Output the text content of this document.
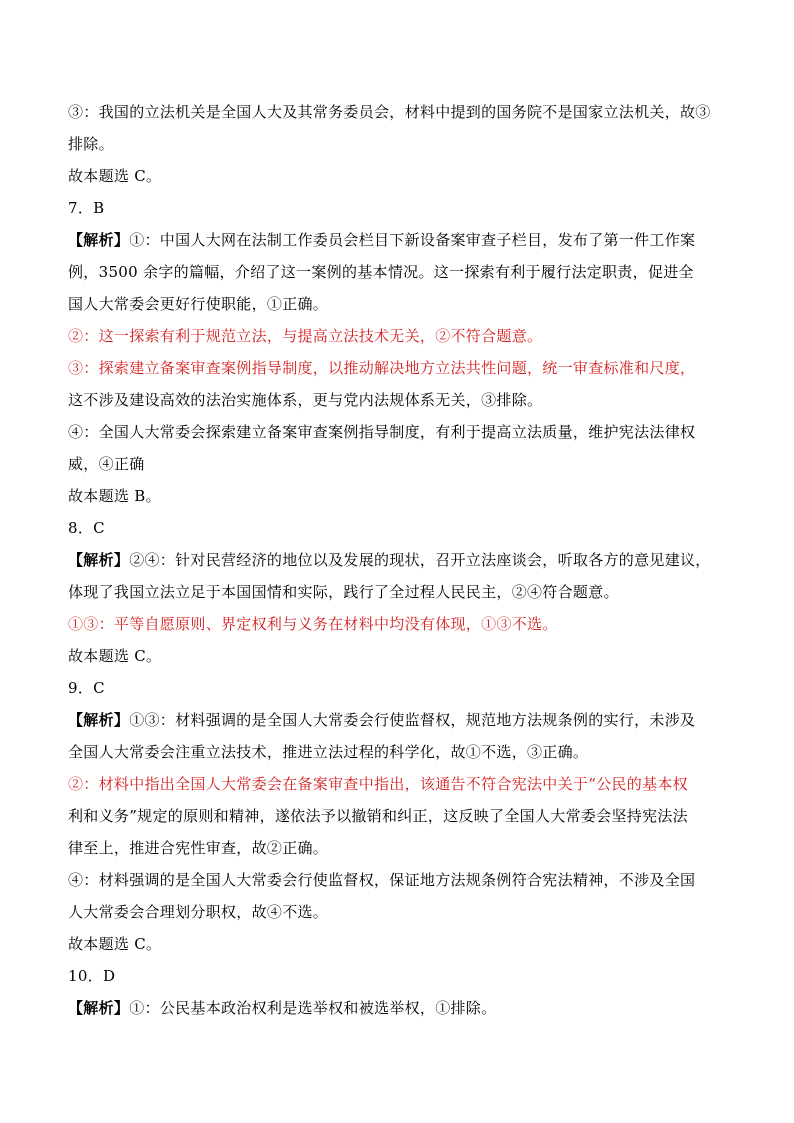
③：我国的立法机关是全国人大及其常务委员会，材料中提到的国务院不是国家立法机关，故③
排除。
故本题选 C。
7．B
【解析】①：中国人大网在法制工作委员会栏目下新设备案审查子栏目，发布了第一件工作案
例，3500 余字的篇幅，介绍了这一案例的基本情况。这一探索有利于履行法定职责，促进全
国人大常委会更好行使职能，①正确。
②：这一探索有利于规范立法，与提高立法技术无关，②不符合题意。
③：探索建立备案审查案例指导制度，以推动解决地方立法共性问题，统一审查标准和尺度，
这不涉及建设高效的法治实施体系，更与党内法规体系无关，③排除。
④：全国人大常委会探索建立备案审查案例指导制度，有利于提高立法质量，维护宪法法律权
威，④正确
故本题选 B。
8．C
【解析】②④：针对民营经济的地位以及发展的现状，召开立法座谈会，听取各方的意见建议，
体现了我国立法立足于本国国情和实际，践行了全过程人民民主，②④符合题意。
①③：平等自愿原则、界定权利与义务在材料中均没有体现，①③不选。
故本题选 C。
9．C
【解析】①③：材料强调的是全国人大常委会行使监督权，规范地方法规条例的实行，未涉及
全国人大常委会注重立法技术，推进立法过程的科学化，故①不选，③正确。
②：材料中指出全国人大常委会在备案审查中指出，该通告不符合宪法中关于“公民的基本权
利和义务”规定的原则和精神，遂依法予以撤销和纠正，这反映了全国人大常委会坚持宪法法
律至上，推进合宪性审查，故②正确。
④：材料强调的是全国人大常委会行使监督权，保证地方法规条例符合宪法精神，不涉及全国
人大常委会合理划分职权，故④不选。
故本题选 C。
10．D
【解析】①：公民基本政治权利是选举权和被选举权，①排除。
